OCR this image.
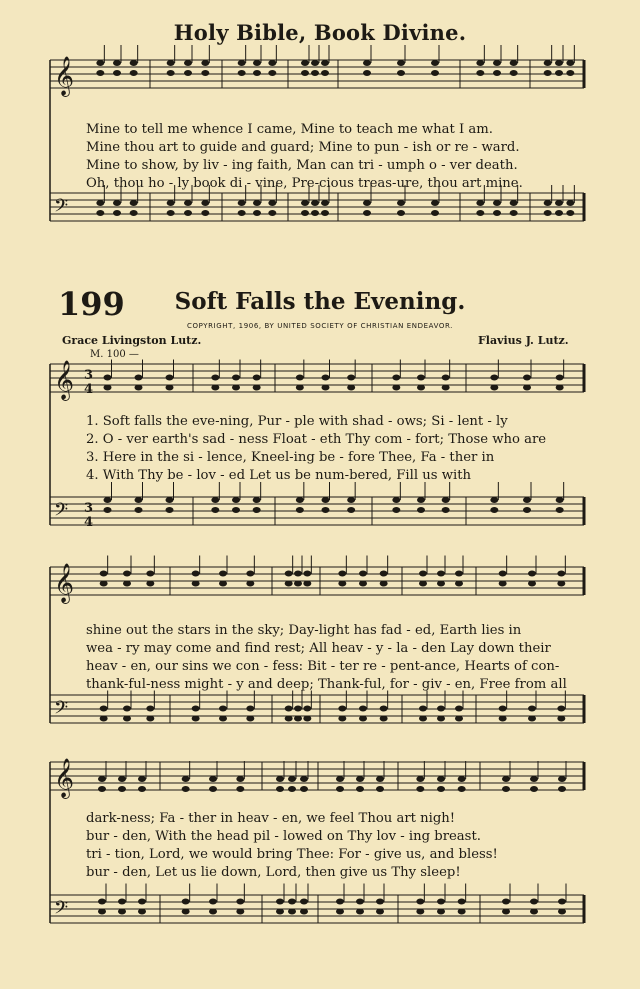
Holy Bible, Book Divine.
𝄞
𝄢
𝄞
𝄢
𝄞
𝄢
𝄞
𝄢
3
4
3
4
Mine to tell me whence I came, Mine to teach me what I am.
Mine thou art to guide and guard; Mine to pun - ish or re - ward.
Mine to show, by liv - ing faith, Man can tri - umph o - ver death.
Oh, thou ho - ly book di - vine, Pre-cious treas-ure, thou art mine.
199	Soft Falls the Evening.
COPYRIGHT, 1906, BY UNITED SOCIETY OF CHRISTIAN ENDEAVOR.
Grace Livingston Lutz.	Flavius J. Lutz.
M. 100 —
1. Soft falls the eve-ning, Pur - ple with shad - ows; Si - lent - ly
2. O - ver earth's sad - ness Float - eth Thy com - fort; Those who are
3. Here in the si - lence, Kneel-ing be - fore Thee, Fa - ther in
4. With Thy be - lov - ed Let us be num-bered, Fill us with
shine out the stars in the sky; Day-light has fad - ed, Earth lies in
wea - ry may come and find rest; All heav - y - la - den Lay down their
heav - en, our sins we con - fess: Bit - ter re - pent-ance, Hearts of con-
thank-ful-ness might - y and deep; Thank-ful, for - giv - en, Free from all
dark-ness; Fa - ther in heav - en, we feel Thou art nigh!
bur - den, With the head pil - lowed on Thy lov - ing breast.
tri - tion, Lord, we would bring Thee: For - give us, and bless!
bur - den, Let us lie down, Lord, then give us Thy sleep!
